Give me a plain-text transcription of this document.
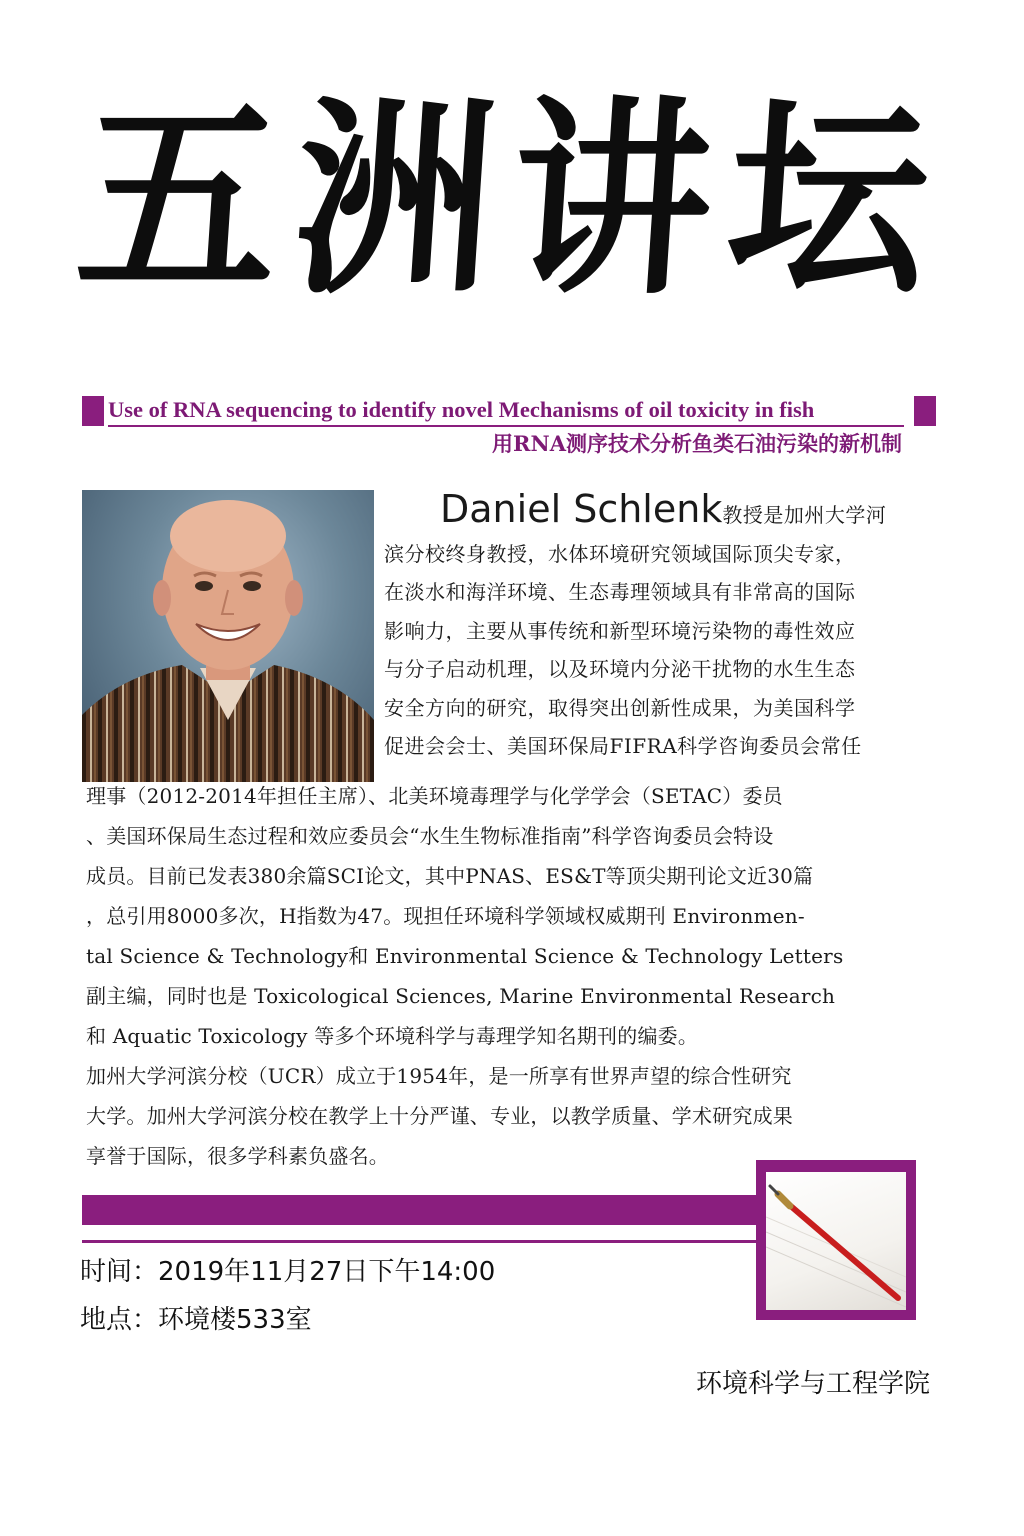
五洲讲坛
Use of RNA sequencing to identify novel Mechanisms of oil toxicity in fish
用RNA测序技术分析鱼类石油污染的新机制
Daniel Schlenk教授是加州大学河
滨分校终身教授，水体环境研究领域国际顶尖专家，
在淡水和海洋环境、生态毒理领域具有非常高的国际
影响力，主要从事传统和新型环境污染物的毒性效应
与分子启动机理，以及环境内分泌干扰物的水生生态
安全方向的研究，取得突出创新性成果，为美国科学
促进会会士、美国环保局FIFRA科学咨询委员会常任

理事（2012-2014年担任主席）、北美环境毒理学与化学学会（SETAC）委员

、美国环保局生态过程和效应委员会“水生生物标准指南”科学咨询委员会特设

成员。目前已发表380余篇SCI论文，其中PNAS、ES&T等顶尖期刊论文近30篇

，总引用8000多次，H指数为47。现担任环境科学领域权威期刊 Environmen-

tal Science & Technology和 Environmental Science & Technology Letters

副主编，同时也是 Toxicological Sciences, Marine Environmental Research

和 Aquatic Toxicology 等多个环境科学与毒理学知名期刊的编委。

加州大学河滨分校（UCR）成立于1954年，是一所享有世界声望的综合性研究

大学。加州大学河滨分校在教学上十分严谨、专业，以教学质量、学术研究成果

享誉于国际，很多学科素负盛名。

时间：2019年11月27日下午14:00
地点：环境楼533室
环境科学与工程学院
